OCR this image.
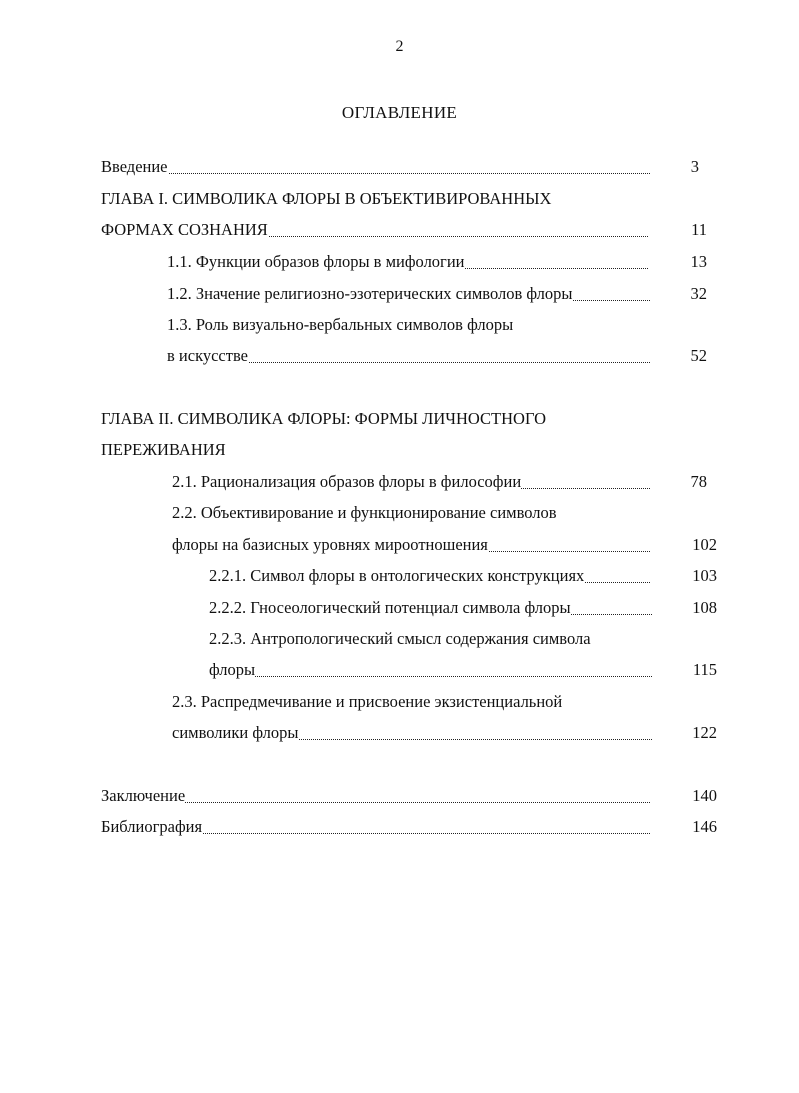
2
ОГЛАВЛЕНИЕ
Введение	3
ГЛАВА I. СИМВОЛИКА ФЛОРЫ В ОБЪЕКТИВИРОВАННЫХ
ФОРМАХ СОЗНАНИЯ	11
1.1. Функции образов флоры в мифологии	13
1.2. Значение религиозно-эзотерических символов флоры	32
1.3. Роль визуально-вербальных символов флоры
в искусстве	52
ГЛАВА II. СИМВОЛИКА ФЛОРЫ: ФОРМЫ ЛИЧНОСТНОГО
ПЕРЕЖИВАНИЯ
2.1. Рационализация образов флоры в философии	78
2.2. Объективирование и функционирование символов
флоры на базисных уровнях мироотношения	102
2.2.1. Символ флоры в онтологических конструкциях	103
2.2.2. Гносеологический потенциал символа флоры	108
2.2.3. Антропологический смысл содержания символа
флоры	115
2.3. Распредмечивание и присвоение экзистенциальной
символики флоры	122
Заключение	140
Библиография	146
